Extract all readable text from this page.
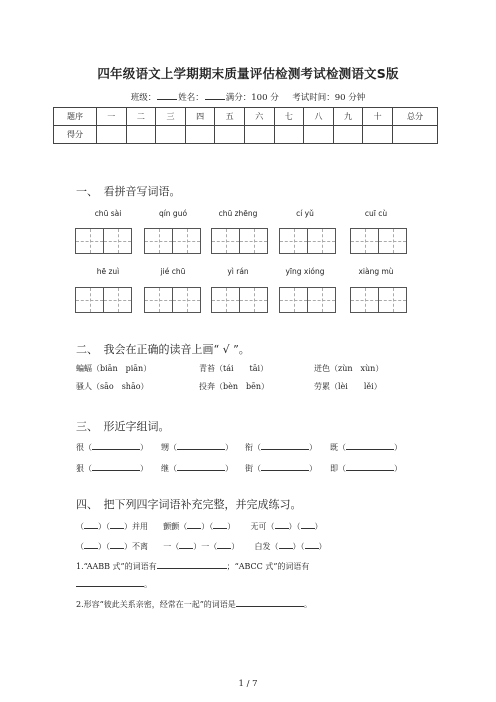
四年级语文上学期期末质量评估检测考试检测语文S版
班级：	姓名：	满分：100 分 考试时间：90 分钟
题序	一	二	三	四	五	六	七	八	九	十	总分
得分											
一、　看拼音写词语。
chū sài	qín guó	chū zhēng	cí yǔ	cuī cù
hē zuì	jié chū	yì rán	yīng xióng	xiàng mù
二、　我会在正确的读音上画“ √ ”。
蝙蝠（biān　piān）	青苔（tái　　tāi）	迸色（zùn　xùn）
骚人（sāo　shāo）	投奔（bèn　bēn）	劳累（lèi　　lěi）
三、　形近字组词。
很（	） 甥（	） 衔（	） 既（	）
狠（	） 继（	） 街（	） 即（	）
四、　把下列四字词语补充完整，并完成练习。
（ ）（ ）并用 颤颤（ ）（ ） 无可（ ）（ ）
（ ）（ ）不离 一（ ）一（ ） 白发（ ）（ ）
1.“AABB 式”的词语有	；“ABCC 式”的词语有
。
2.形容“彼此关系亲密，经常在一起”的词语是	。
1 / 7
